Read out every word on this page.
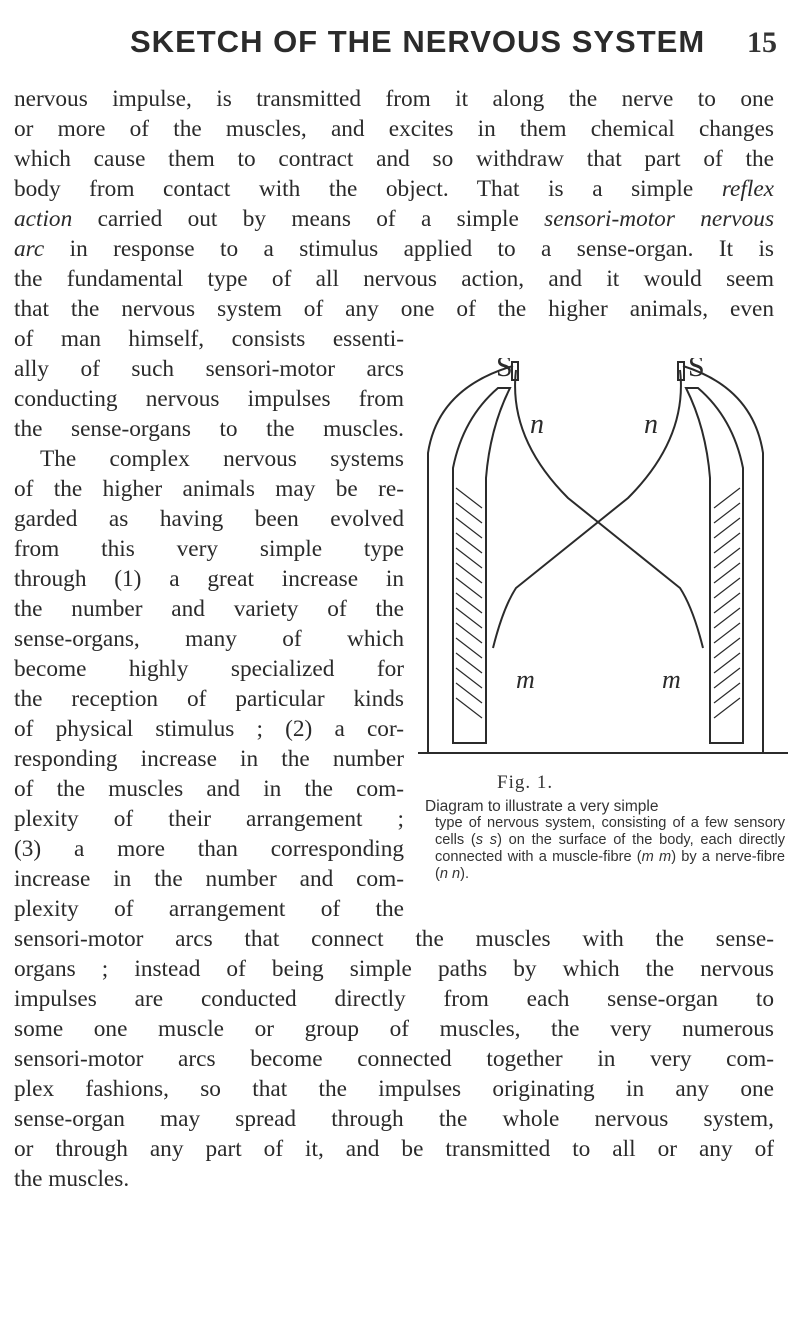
SKETCH OF THE NERVOUS SYSTEM 15
nervous impulse, is transmitted from it along the nerve to one
or more of the muscles, and excites in them chemical changes
which cause them to contract and so withdraw that part of the
body from contact with the object. That is a simple reflex
action carried out by means of a simple sensori-motor nervous
arc in response to a stimulus applied to a sense-organ. It is
the fundamental type of all nervous action, and it would seem
that the nervous system of any one of the higher animals, even
of man himself, consists essenti-
ally of such sensori-motor arcs
conducting nervous impulses from
the sense-organs to the muscles.
The complex nervous systems
of the higher animals may be re-
garded as having been evolved
from this very simple type
through (1) a great increase in
the number and variety of the
sense-organs, many of which
become highly specialized for
the reception of particular kinds
of physical stimulus ; (2) a cor-
responding increase in the number
of the muscles and in the com-
plexity of their arrangement ;
(3) a more than corresponding
increase in the number and com-
plexity of arrangement of the
sensori-motor arcs that connect the muscles with the sense-
organs ; instead of being simple paths by which the nervous
impulses are conducted directly from each sense-organ to
some one muscle or group of muscles, the very numerous
sensori-motor arcs become connected together in very com-
plex fashions, so that the impulses originating in any one
sense-organ may spread through the whole nervous system,
or through any part of it, and be transmitted to all or any of
the muscles.
S	S
n	n
m	m
Fig. 1.
Diagram to illustrate a very simple
type of nervous system, consisting of a few sensory cells (s s) on the surface of the body, each directly connected with a muscle-fibre (m m) by a nerve-fibre (n n).
